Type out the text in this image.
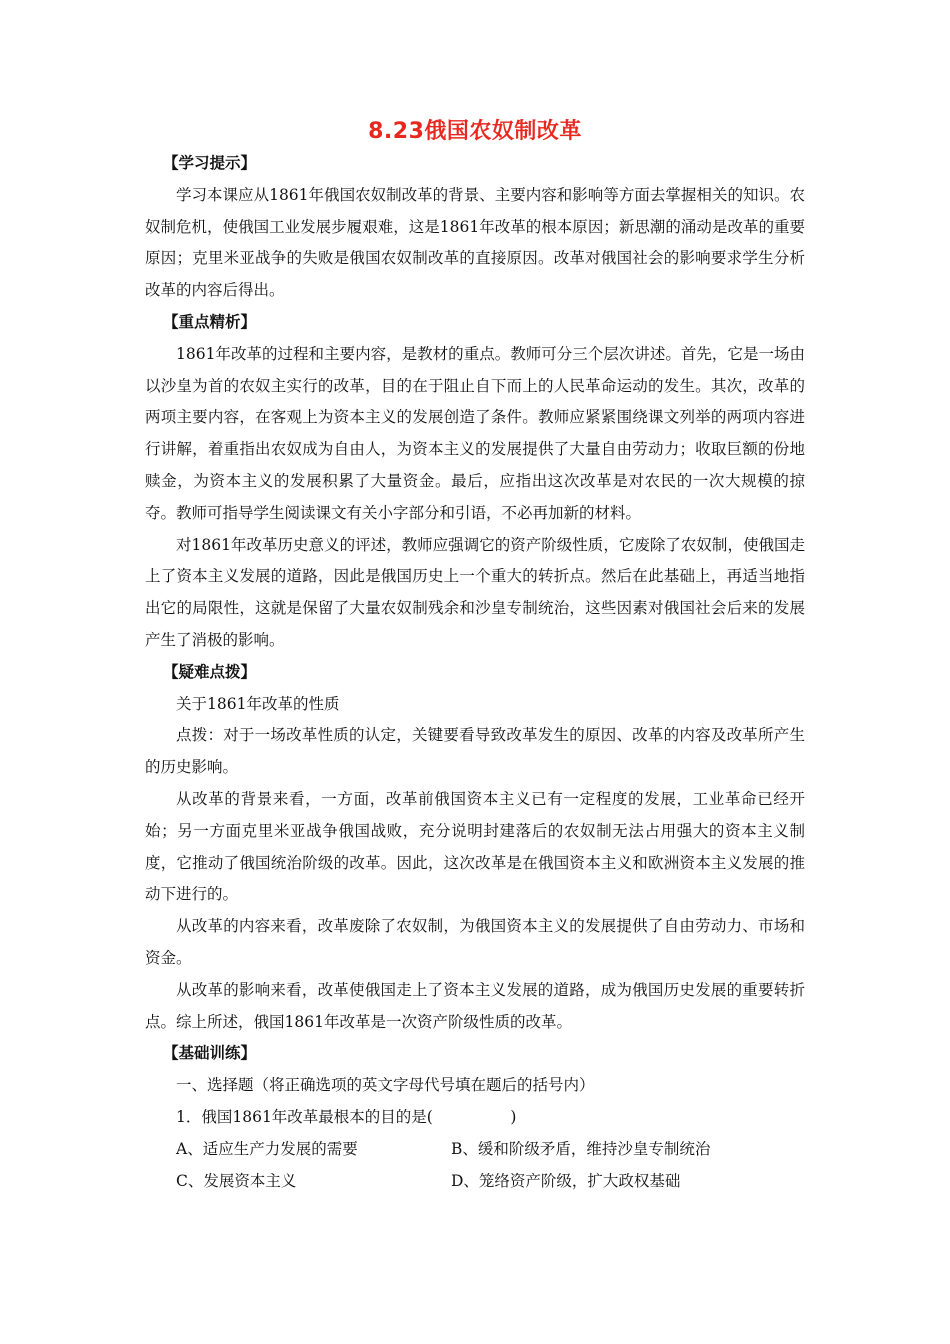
8.23俄国农奴制改革
【学习提示】

学习本课应从1861年俄国农奴制改革的背景、主要内容和影响等方面去掌握相关的知识。农奴制危机，使俄国工业发展步履艰难，这是1861年改革的根本原因；新思潮的涌动是改革的重要原因；克里米亚战争的失败是俄国农奴制改革的直接原因。改革对俄国社会的影响要求学生分析改革的内容后得出。

【重点精析】

1861年改革的过程和主要内容，是教材的重点。教师可分三个层次讲述。首先，它是一场由以沙皇为首的农奴主实行的改革，目的在于阻止自下而上的人民革命运动的发生。其次，改革的两项主要内容，在客观上为资本主义的发展创造了条件。教师应紧紧围绕课文列举的两项内容进行讲解，着重指出农奴成为自由人，为资本主义的发展提供了大量自由劳动力；收取巨额的份地赎金，为资本主义的发展积累了大量资金。最后，应指出这次改革是对农民的一次大规模的掠夺。教师可指导学生阅读课文有关小字部分和引语，不必再加新的材料。

对1861年改革历史意义的评述，教师应强调它的资产阶级性质，它废除了农奴制，使俄国走上了资本主义发展的道路，因此是俄国历史上一个重大的转折点。然后在此基础上，再适当地指出它的局限性，这就是保留了大量农奴制残余和沙皇专制统治，这些因素对俄国社会后来的发展产生了消极的影响。

【疑难点拨】

关于1861年改革的性质

点拨：对于一场改革性质的认定，关键要看导致改革发生的原因、改革的内容及改革所产生的历史影响。

从改革的背景来看，一方面，改革前俄国资本主义已有一定程度的发展，工业革命已经开始；另一方面克里米亚战争俄国战败，充分说明封建落后的农奴制无法占用强大的资本主义制度，它推动了俄国统治阶级的改革。因此，这次改革是在俄国资本主义和欧洲资本主义发展的推动下进行的。

从改革的内容来看，改革废除了农奴制，为俄国资本主义的发展提供了自由劳动力、市场和资金。

从改革的影响来看，改革使俄国走上了资本主义发展的道路，成为俄国历史发展的重要转折点。综上所述，俄国1861年改革是一次资产阶级性质的改革。

【基础训练】

一、选择题（将正确选项的英文字母代号填在题后的括号内）

1．俄国1861年改革最根本的目的是(　　　　　)

A、适应生产力发展的需要	B、缓和阶级矛盾，维持沙皇专制统治
C、发展资本主义	D、笼络资产阶级，扩大政权基础
